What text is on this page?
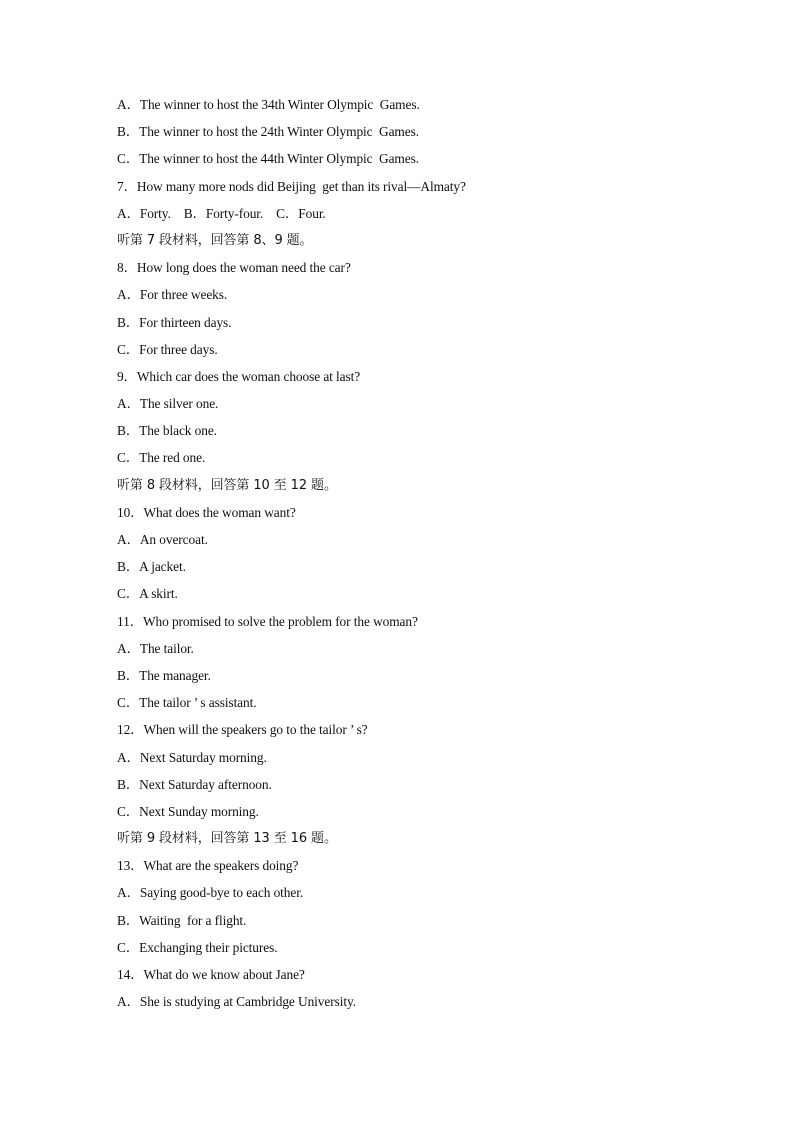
A．The winner to host the 34th Winter Olympic  Games.
B．The winner to host the 24th Winter Olympic  Games.
C．The winner to host the 44th Winter Olympic  Games.
7．How many more nods did Beijing  get than its rival—Almaty?
A．Forty.    B．Forty-four.    C．Four.
听第 7 段材料，回答第 8、9 题。
8．How long does the woman need the car?
A．For three weeks.
B．For thirteen days.
C．For three days.
9．Which car does the woman choose at last?
A．The silver one.
B．The black one.
C．The red one.
听第 8 段材料，回答第 10 至 12 题。
10．What does the woman want?
A．An overcoat.
B．A jacket.
C．A skirt.
11．Who promised to solve the problem for the woman?
A．The tailor.
B．The manager.
C．The tailor ’ s assistant.
12．When will the speakers go to the tailor ’ s?
A．Next Saturday morning.
B．Next Saturday afternoon.
C．Next Sunday morning.
听第 9 段材料，回答第 13 至 16 题。
13．What are the speakers doing?
A．Saying good-bye to each other.
B．Waiting  for a flight.
C．Exchanging their pictures.
14．What do we know about Jane?
A．She is studying at Cambridge University.
